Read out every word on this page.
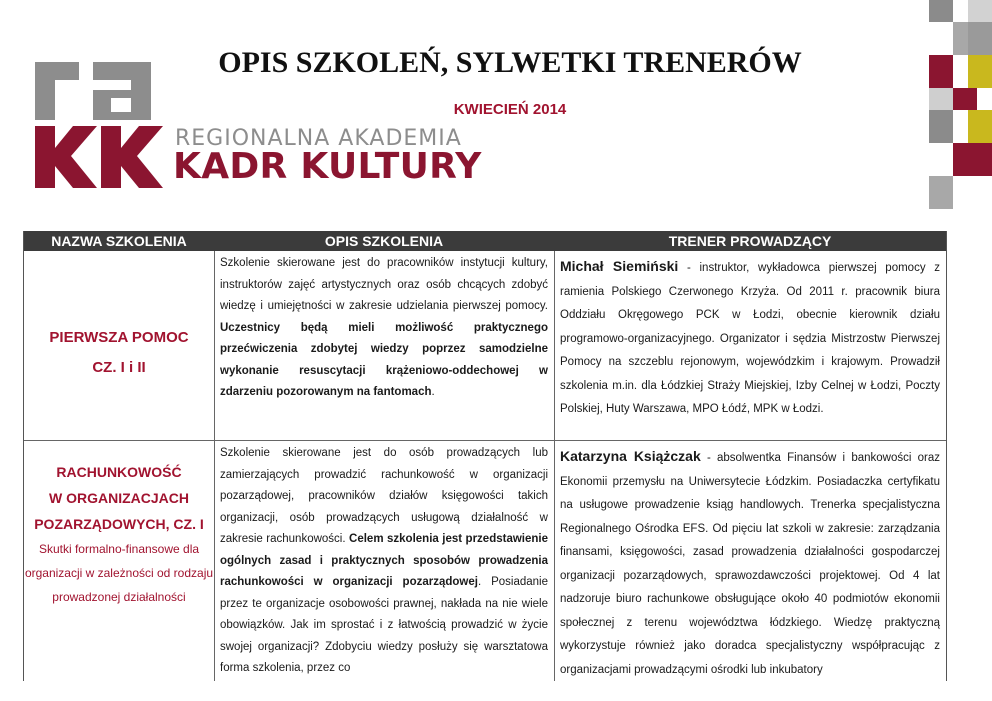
REGIONALNA AKADEMIA
KADR KULTURY
OPIS SZKOLEŃ, SYLWETKI TRENERÓW
KWIECIEŃ 2014
NAZWA SZKOLENIA	OPIS SZKOLENIA	TRENER PROWADZĄCY
PIERWSZA POMOC
CZ. I i II
Szkolenie skierowane jest do pracowników instytucji kultury, instruktorów zajęć artystycznych oraz osób chcących zdobyć wiedzę i umiejętności w zakresie udzielania pierwszej pomocy. Uczestnicy będą mieli możliwość praktycznego przećwiczenia zdobytej wiedzy poprzez samodzielne wykonanie resuscytacji krążeniowo-oddechowej w zdarzeniu pozorowanym na fantomach.
Michał Siemiński - instruktor, wykładowca pierwszej pomocy z ramienia Polskiego Czerwonego Krzyża. Od 2011 r. pracownik biura Oddziału Okręgowego PCK w Łodzi, obecnie kierownik działu programowo-organizacyjnego. Organizator i sędzia Mistrzostw Pierwszej Pomocy na szczeblu rejonowym, wojewódzkim i krajowym. Prowadził szkolenia m.in. dla Łódzkiej Straży Miejskiej, Izby Celnej w Łodzi, Poczty Polskiej, Huty Warszawa, MPO Łódź, MPK w Łodzi.
RACHUNKOWOŚĆ
W ORGANIZACJACH
POZARZĄDOWYCH, CZ. I
Skutki formalno-finansowe dla organizacji w zależności od rodzaju prowadzonej działalności
Szkolenie skierowane jest do osób prowadzących lub zamierzających prowadzić rachunkowość w organizacji pozarządowej, pracowników działów księgowości takich organizacji, osób prowadzących usługową działalność w zakresie rachunkowości. Celem szkolenia jest przedstawienie ogólnych zasad i praktycznych sposobów prowadzenia rachunkowości w organizacji pozarządowej. Posiadanie przez te organizacje osobowości prawnej, nakłada na nie wiele obowiązków. Jak im sprostać i z łatwością prowadzić w życie swojej organizacji? Zdobyciu wiedzy posłuży się warsztatowa forma szkolenia, przez co
Katarzyna Książczak - absolwentka Finansów i bankowości oraz Ekonomii przemysłu na Uniwersytecie Łódzkim. Posiadaczka certyfikatu na usługowe prowadzenie ksiąg handlowych. Trenerka specjalistyczna Regionalnego Ośrodka EFS. Od pięciu lat szkoli w zakresie: zarządzania finansami, księgowości, zasad prowadzenia działalności gospodarczej organizacji pozarządowych, sprawozdawczości projektowej. Od 4 lat nadzoruje biuro rachunkowe obsługujące około 40 podmiotów ekonomii społecznej z terenu województwa łódzkiego. Wiedzę praktyczną wykorzystuje również jako doradca specjalistyczny współpracując z organizacjami prowadzącymi ośrodki lub inkubatory
